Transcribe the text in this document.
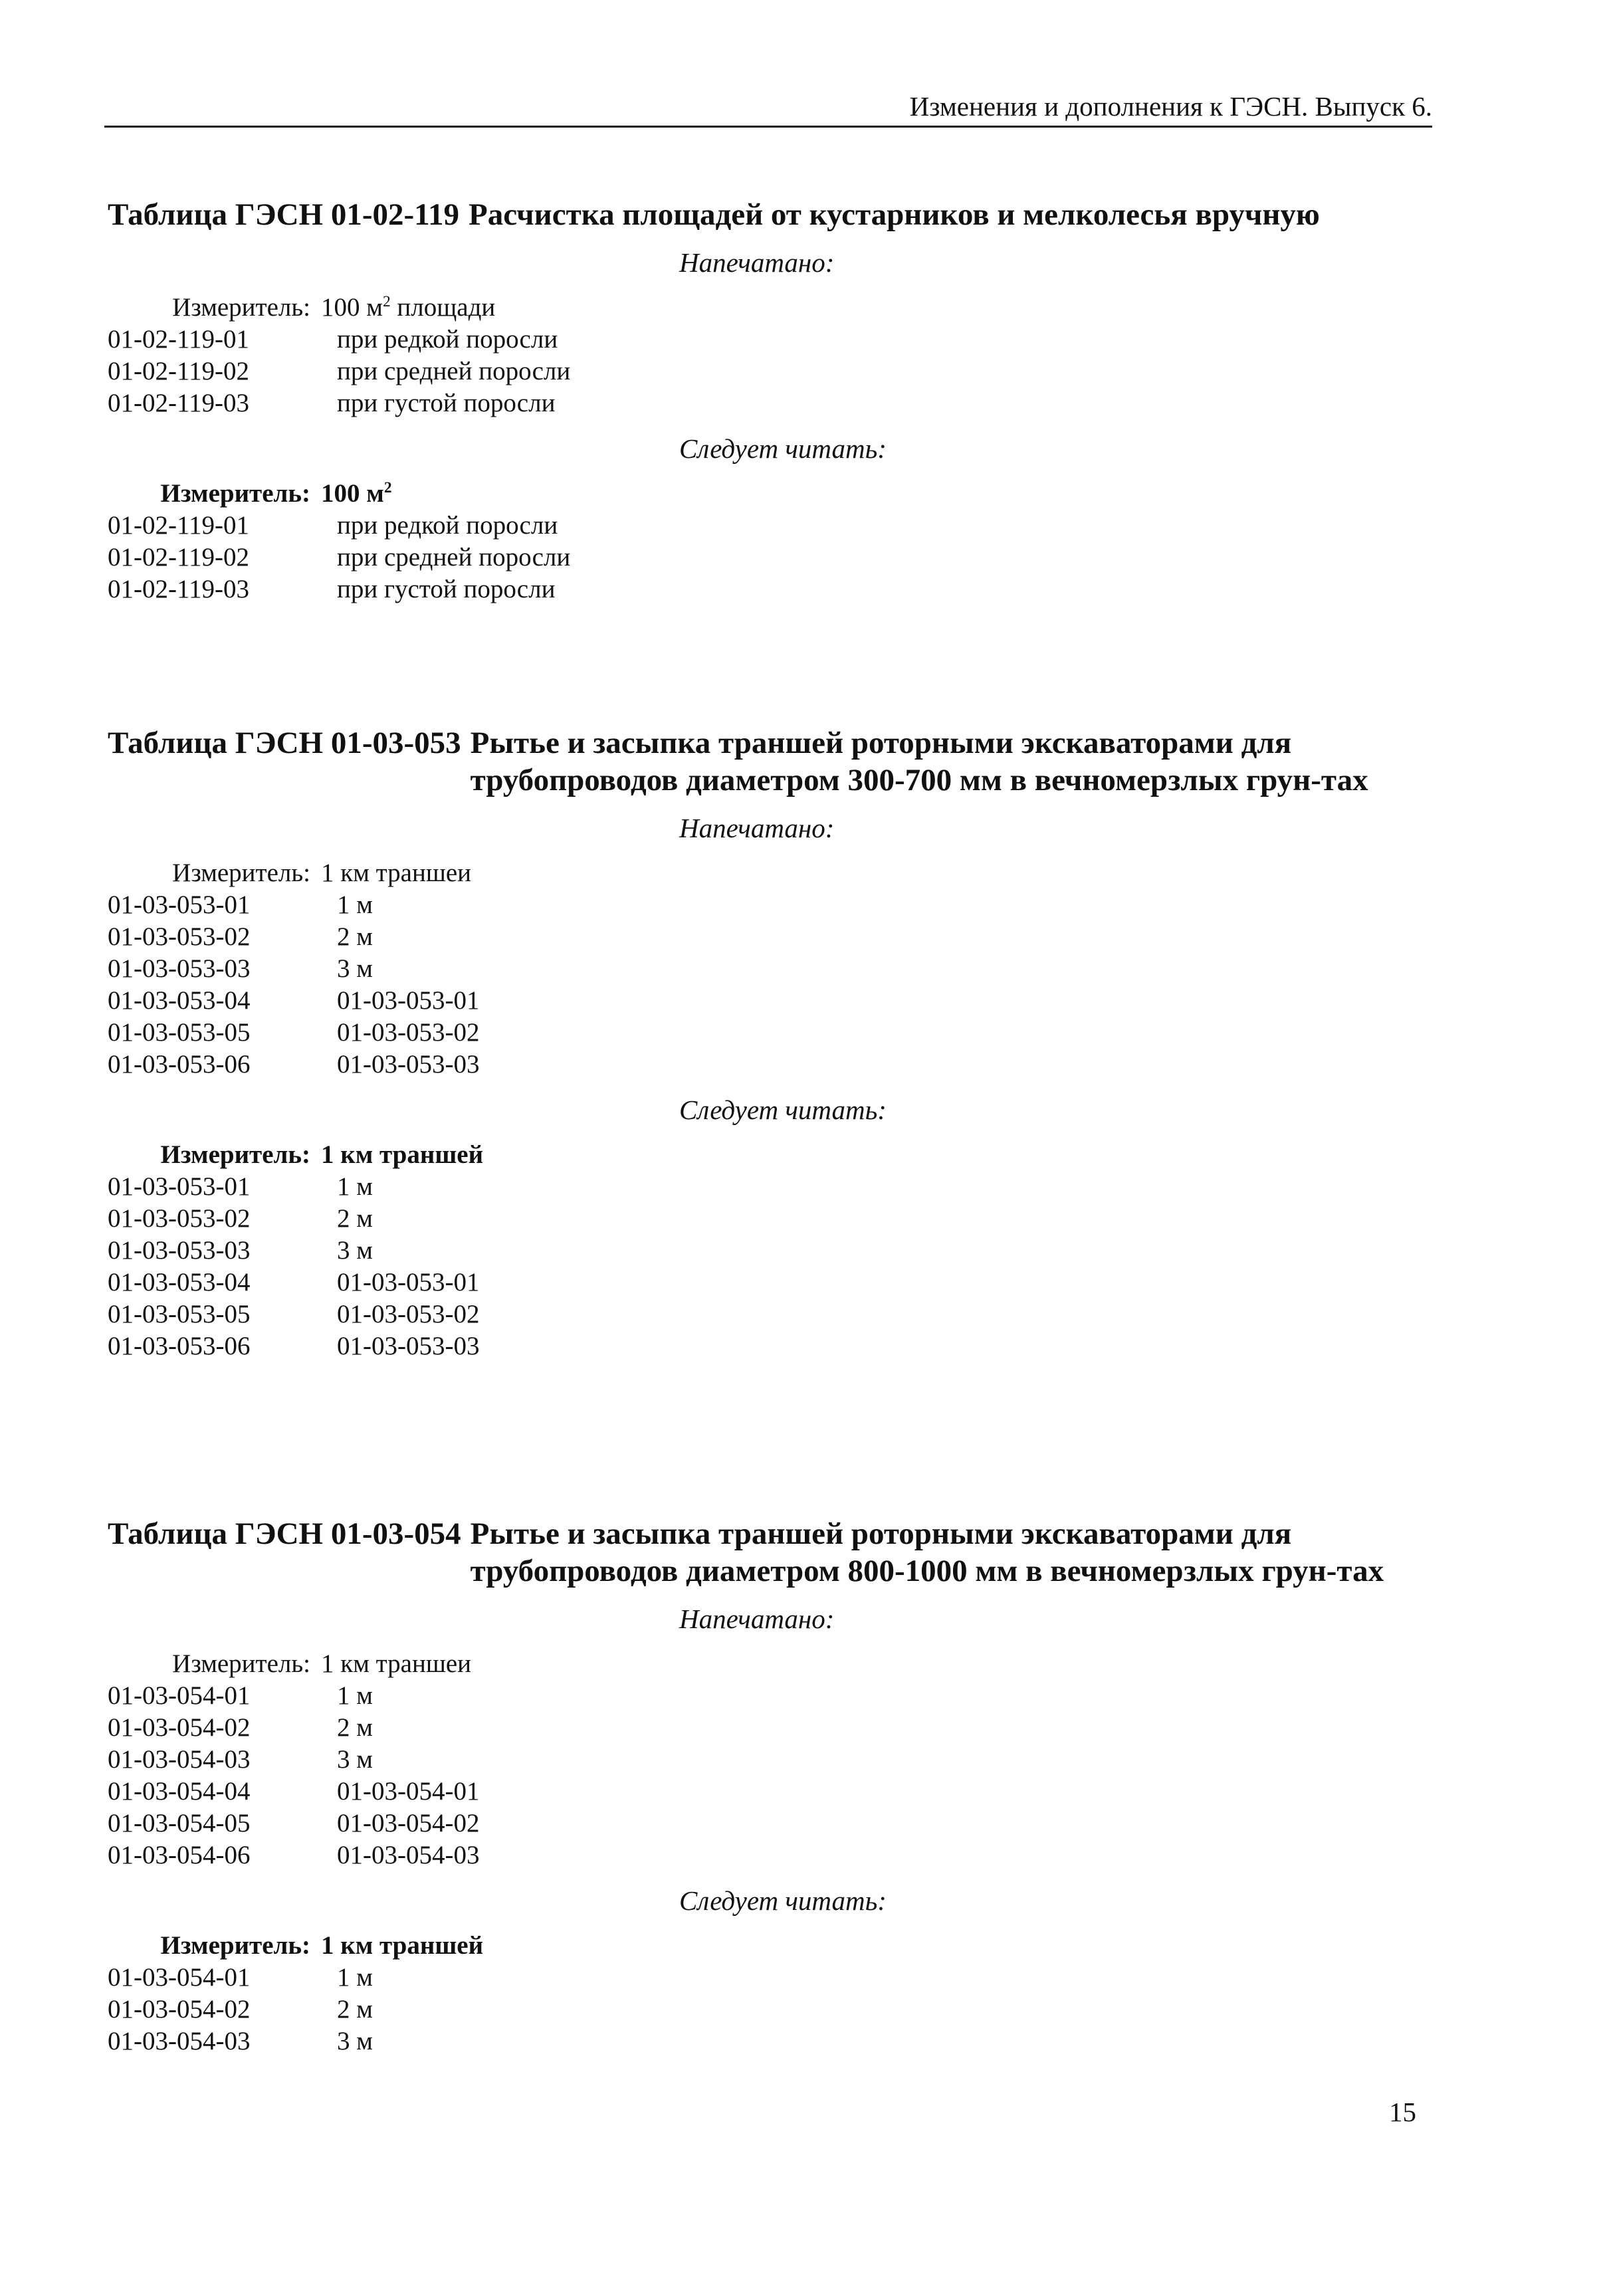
Изменения и дополнения к ГЭСН. Выпуск 6.
Таблица ГЭСН 01-02-119 Расчистка площадей от кустарников и мелколесья вручную
Напечатано:
Измеритель: 100 $м^2$ площади
01-02-119-01	при редкой поросли
01-02-119-02	при средней поросли
01-02-119-03	при густой поросли
Следует читать:
Измеритель: 100 $м^2$
01-02-119-01	при редкой поросли
01-02-119-02	при средней поросли
01-02-119-03	при густой поросли
Таблица ГЭСН 01-03-053 Рытье и засыпка траншей роторными экскаваторами для трубопроводов диаметром 300-700 мм в вечномерзлых грун-тах
Напечатано:
Измеритель: 1 км траншеи
01-03-053-01	1 м
01-03-053-02	2 м
01-03-053-03	3 м
01-03-053-04	01-03-053-01
01-03-053-05	01-03-053-02
01-03-053-06	01-03-053-03
Следует читать:
Измеритель: 1 км траншей
01-03-053-01	1 м
01-03-053-02	2 м
01-03-053-03	3 м
01-03-053-04	01-03-053-01
01-03-053-05	01-03-053-02
01-03-053-06	01-03-053-03
Таблица ГЭСН 01-03-054 Рытье и засыпка траншей роторными экскаваторами для трубопроводов диаметром 800-1000 мм в вечномерзлых грун-тах
Напечатано:
Измеритель: 1 км траншеи
01-03-054-01	1 м
01-03-054-02	2 м
01-03-054-03	3 м
01-03-054-04	01-03-054-01
01-03-054-05	01-03-054-02
01-03-054-06	01-03-054-03
Следует читать:
Измеритель: 1 км траншей
01-03-054-01	1 м
01-03-054-02	2 м
01-03-054-03	3 м
15
